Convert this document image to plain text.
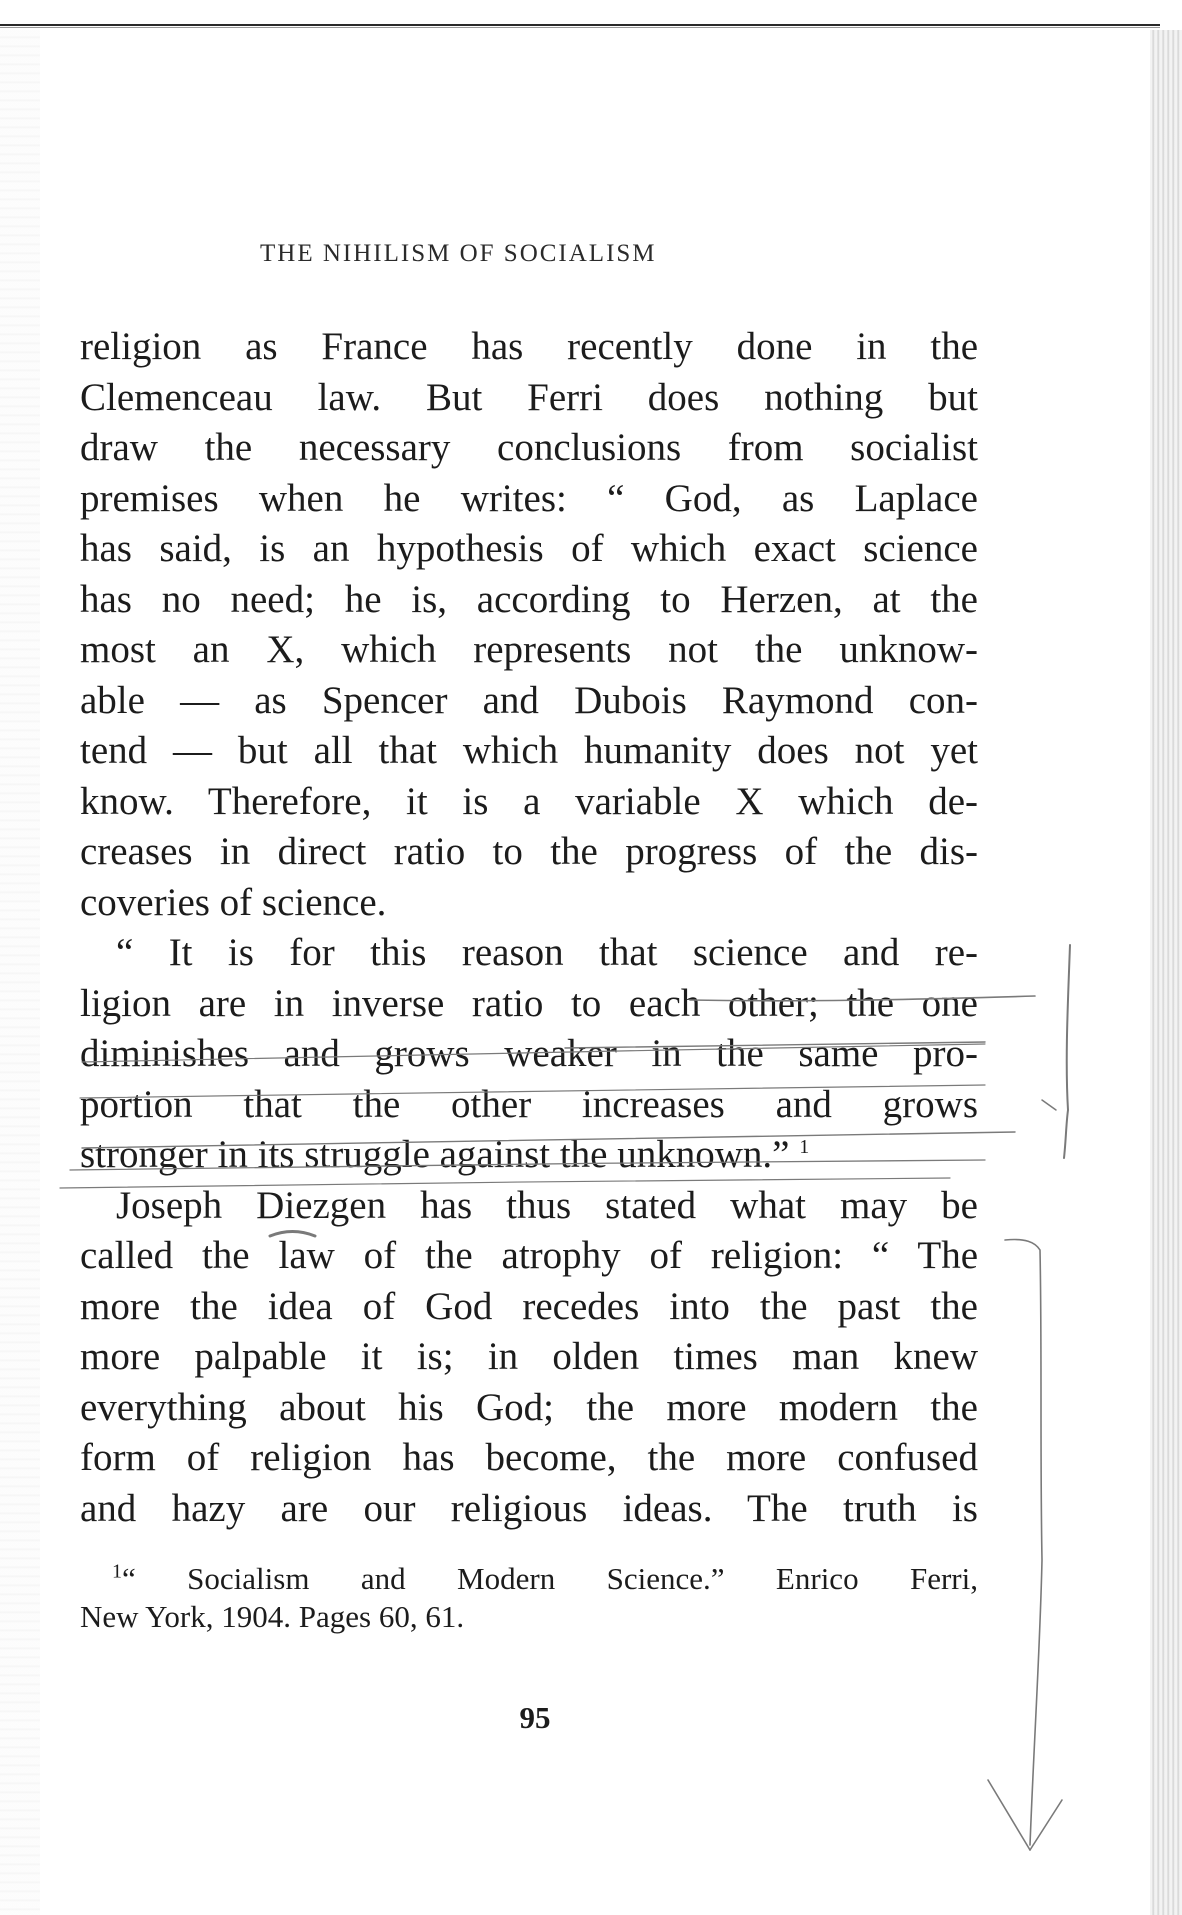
THE NIHILISM OF SOCIALISM
religion as France has recently done in the
Clemenceau law. But Ferri does nothing but
draw the necessary conclusions from socialist
premises when he writes: “ God, as Laplace
has said, is an hypothesis of which exact science
has no need; he is, according to Herzen, at the
most an X, which represents not the unknow-
able — as Spencer and Dubois Raymond con-
tend — but all that which humanity does not yet
know. Therefore, it is a variable X which de-
creases in direct ratio to the progress of the dis-
coveries of science.
“ It is for this reason that science and re-
ligion are in inverse ratio to each other; the one
diminishes and grows weaker in the same pro-
portion that the other increases and grows
stronger in its struggle against the unknown.” $^1$
Joseph Diezgen has thus stated what may be
called the law of the atrophy of religion: “ The
more the idea of God recedes into the past the
more palpable it is; in olden times man knew
everything about his God; the more modern the
form of religion has become, the more confused
and hazy are our religious ideas. The truth is
$^1$“ Socialism and Modern Science.” Enrico Ferri,
New York, 1904. Pages 60, 61.
95
